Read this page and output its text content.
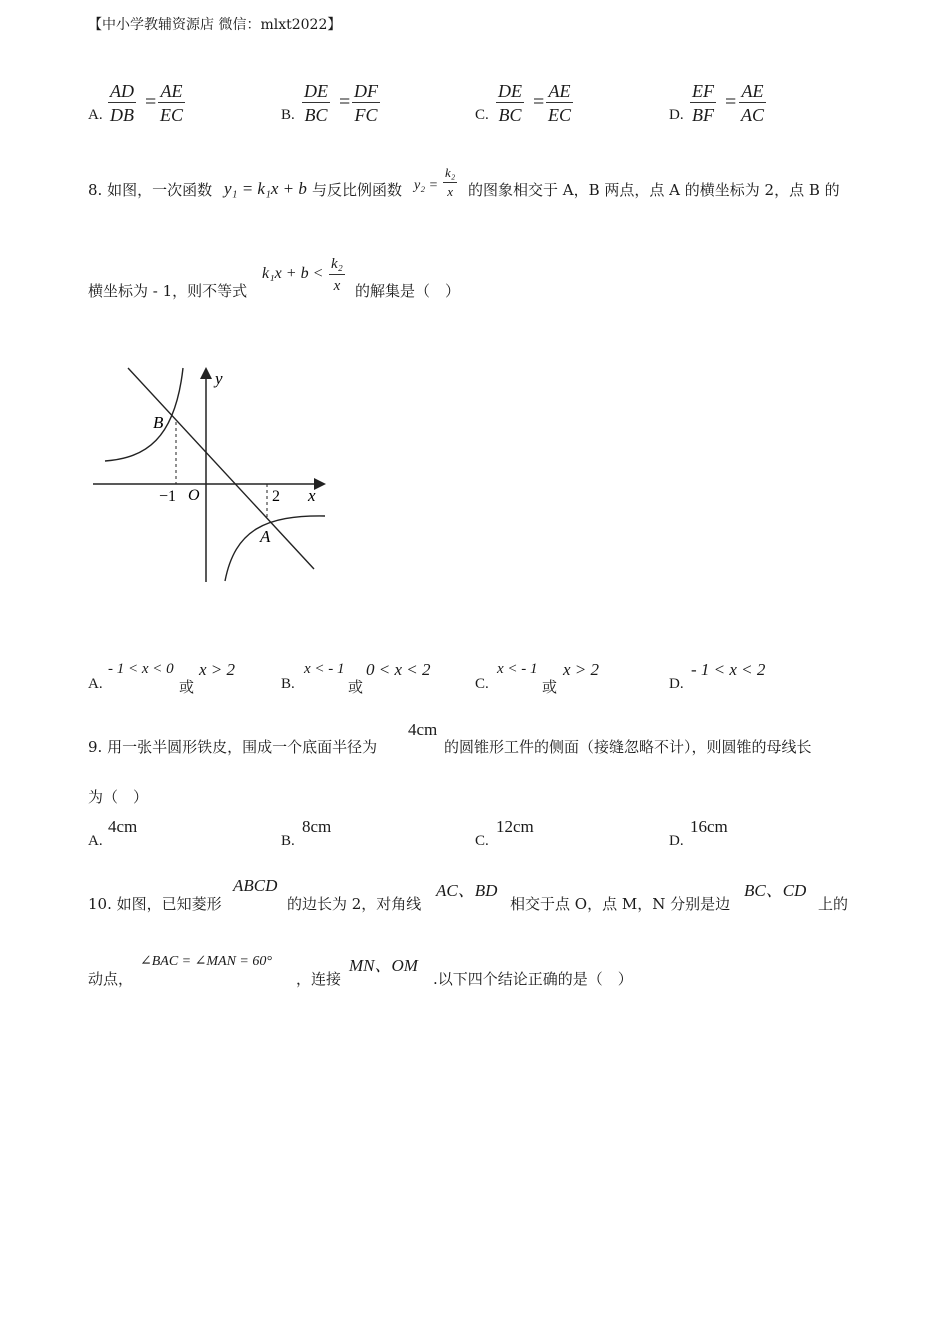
【中小学教辅资源店 微信：mlxt2022】
A. $\frac{AD}{DB} = \frac{AE}{EC}$	B. $\frac{DE}{BC} = \frac{DF}{FC}$	C. $\frac{DE}{BC} = \frac{AE}{EC}$	D. $\frac{EF}{BF} = \frac{AE}{AC}$
8. 如图，一次函数 y₁ = k₁x + b 与反比例函数 $y_2 = \frac{\text{k₂}}{x}$ 的图象相交于 A，B 两点，点 A 的横坐标为 2，点 B 的
横坐标为 - 1，则不等式
$k_1x + b < \frac{\text{k₂}}{x}$ 的解集是（　）
y
x
O
−1	2
B
A
A.
- 1 < x < 0
或
x > 2
B.
x < - 1
或
0 < x < 2
C.
x < - 1
或
x > 2
D.
- 1 < x < 2
9. 用一张半圆形铁皮，围成一个底面半径为
4cm
的圆锥形工件的侧面（接缝忽略不计），则圆锥的母线长
为（　）
A.
4cm
B.
8cm
C.
12cm
D.
16cm
10. 如图，已知菱形
ABCD
的边长为 2，对角线
AC、BD
相交于点 O，点 M，N 分别是边
BC、CD
上的
动点，
∠BAC = ∠MAN = 60°
，连接
MN、OM
.以下四个结论正确的是（　）
